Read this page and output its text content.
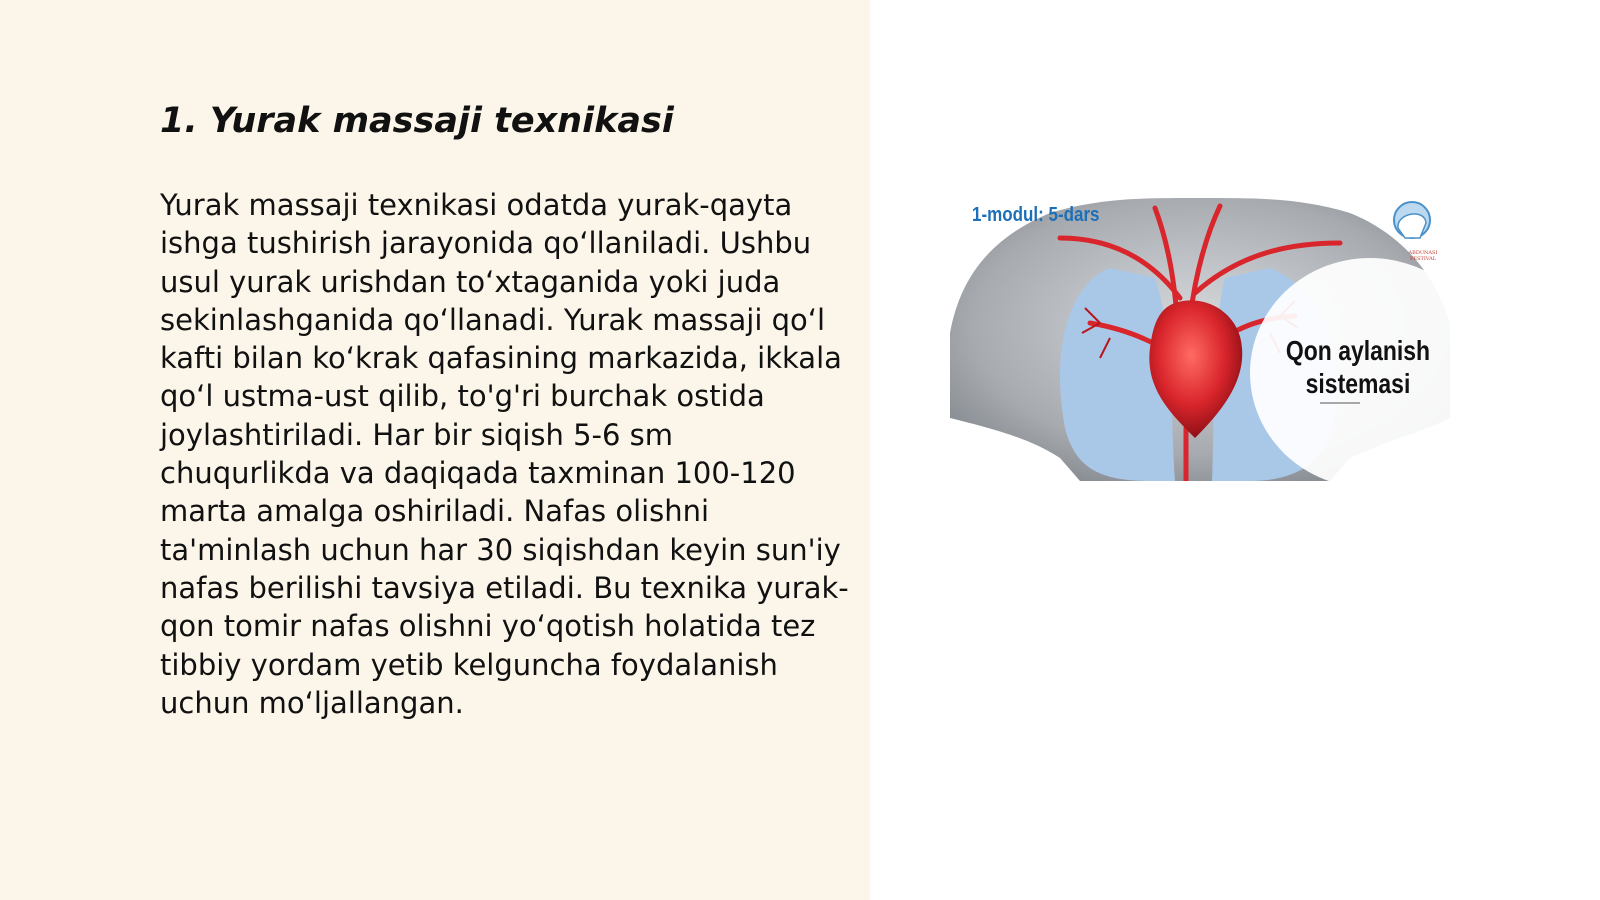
1. Yurak massaji texnikasi

Yurak massaji texnikasi odatda yurak-qayta ishga tushirish jarayonida qo‘llaniladi. Ushbu usul yurak urishdan to‘xtaganida yoki juda sekinlashganida qo‘llanadi. Yurak massaji qo‘l kafti bilan ko‘krak qafasining markazida, ikkala qo‘l ustma-ust qilib, to'g'ri burchak ostida joylashtiriladi. Har bir siqish 5-6 sm chuqurlikda va daqiqada taxminan 100-120 marta amalga oshiriladi. Nafas olishni ta'minlash uchun har 30 siqishdan keyin sun'iy nafas berilishi tavsiya etiladi. Bu texnika yurak-qon tomir nafas olishni yo‘qotish holatida tez tibbiy yordam yetib kelguncha foydalanish uchun mo‘ljallangan.

1-modul: 5-dars
Qon aylanish sistemasi
ABDUNASI FESTIVAL
